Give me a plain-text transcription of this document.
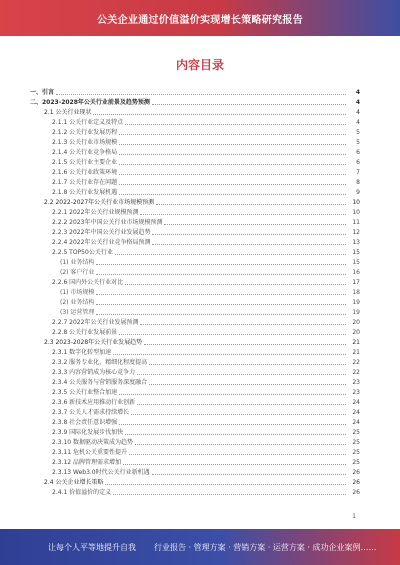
公关企业通过价值溢价实现增长策略研究报告
内容目录
一、引言	4
二、2023-2028年公关行业前景及趋势预测	4
2.1 公关行业现状	4
2.1.1 公关行业定义及特点	4
2.1.2 公关行业发展历程	5
2.1.3 公关行业市场规模	5
2.1.4 公关行业竞争格局	6
2.1.5 公关行业主要企业	6
2.1.6 公关行业政策环境	7
2.1.7 公关行业存在问题	8
2.1.8 公关行业发展机遇	9
2.2 2022-2027年公关行业市场规模预测	10
2.2.1 2022年公关行业规模预测	10
2.2.2 2023年中国公关行业市场规模预测	11
2.2.3 2022年中国公关行业发展趋势	12
2.2.4 2022年公关行业竞争格局预测	13
2.2.5 TOP50公关行业	15
(1) 业务结构	15
(2) 客户行业	16
2.2.6 国内外公关行业对比	17
(1) 市场规模	18
(2) 业务结构	19
(3) 运营管理	19
2.2.7 2022年公关行业发展预测	20
2.2.8 公关行业发展前景	20
2.3 2023-2028年公关行业发展趋势	21
2.3.1 数字化转型加速	21
2.3.2 服务专业化、精细化程度提高	22
2.3.3 内容营销成为核心竞争力	22
2.3.4 公关服务与营销服务深度融合	23
2.3.5 公关行业整合加速	23
2.3.6 新技术应用推动行业创新	24
2.3.7 公关人才需求持续增长	24
2.3.8 社会责任意识增强	24
2.3.9 国际化发展步伐加快	25
2.3.10 数据驱动决策成为趋势	25
2.3.11 危机公关重要性提升	25
2.3.12 品牌管理需求增加	25
2.3.13 Web3.0时代公关行业新机遇	26
2.4 公关企业增长策略	26
2.4.1 价值溢价的定义	26
1
让每个人平等地提升自我 行业报告 · 管理方案 · 营销方案 · 运营方案 · 成功企业案例……
